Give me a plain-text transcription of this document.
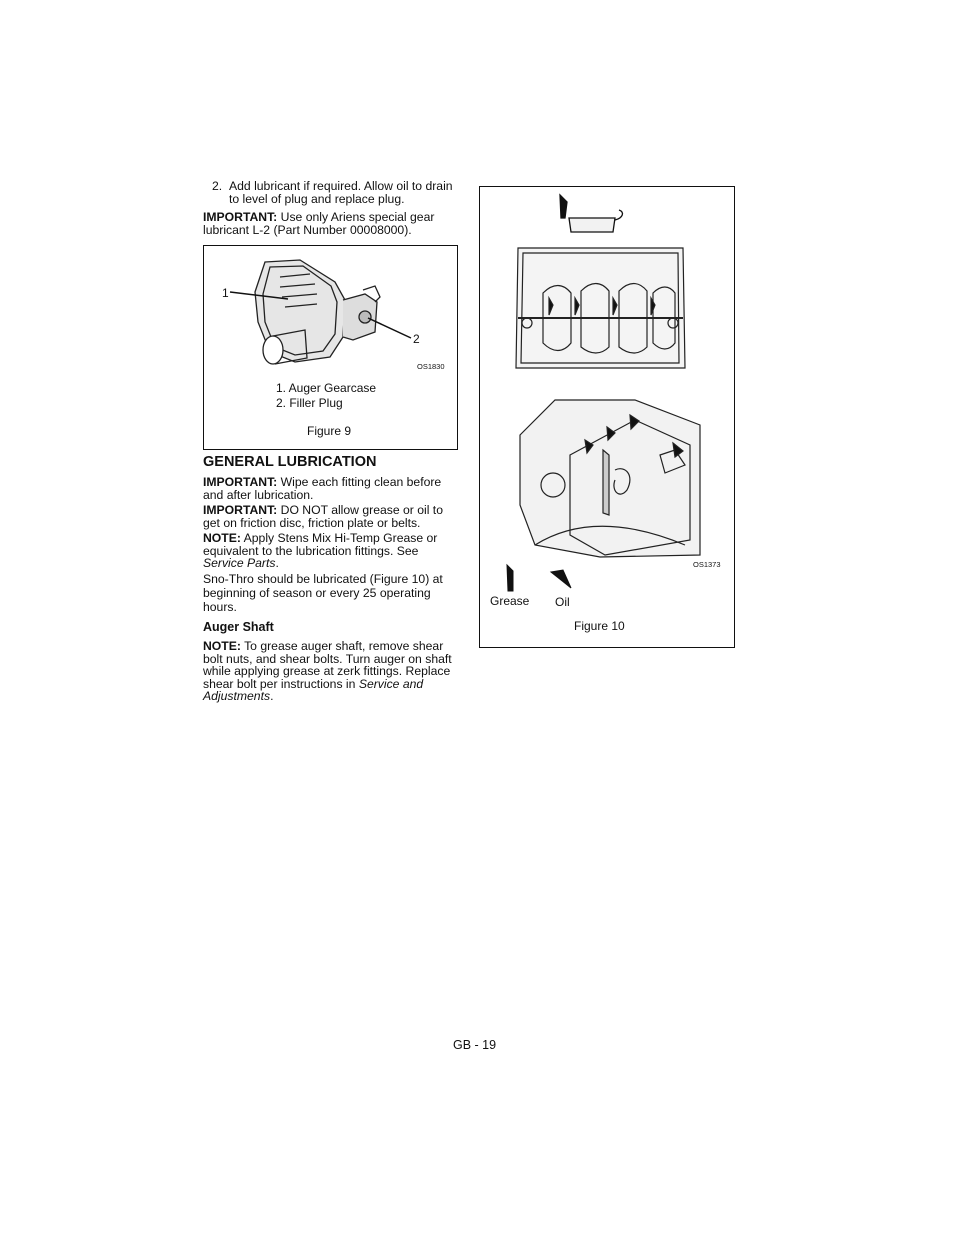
2. Add lubricant if required. Allow oil to drain to level of plug and replace plug.
IMPORTANT: Use only Ariens special gear lubricant L-2 (Part Number 00008000).
1
2
OS1830
1. Auger Gearcase
2. Filler Plug
Figure 9
GENERAL LUBRICATION
IMPORTANT: Wipe each fitting clean before and after lubrication.
IMPORTANT: DO NOT allow grease or oil to get on friction disc, friction plate or belts.
NOTE: Apply Stens Mix Hi-Temp Grease or equivalent to the lubrication fittings. See Service Parts.
Sno-Thro should be lubricated (Figure 10) at beginning of season or every 25 operating hours.
Auger Shaft
NOTE: To grease auger shaft, remove shear bolt nuts, and shear bolts. Turn auger on shaft while applying grease at zerk fittings. Replace shear bolt per instructions in Service and Adjustments.
OS1373
Grease Oil
Figure 10
GB - 19
